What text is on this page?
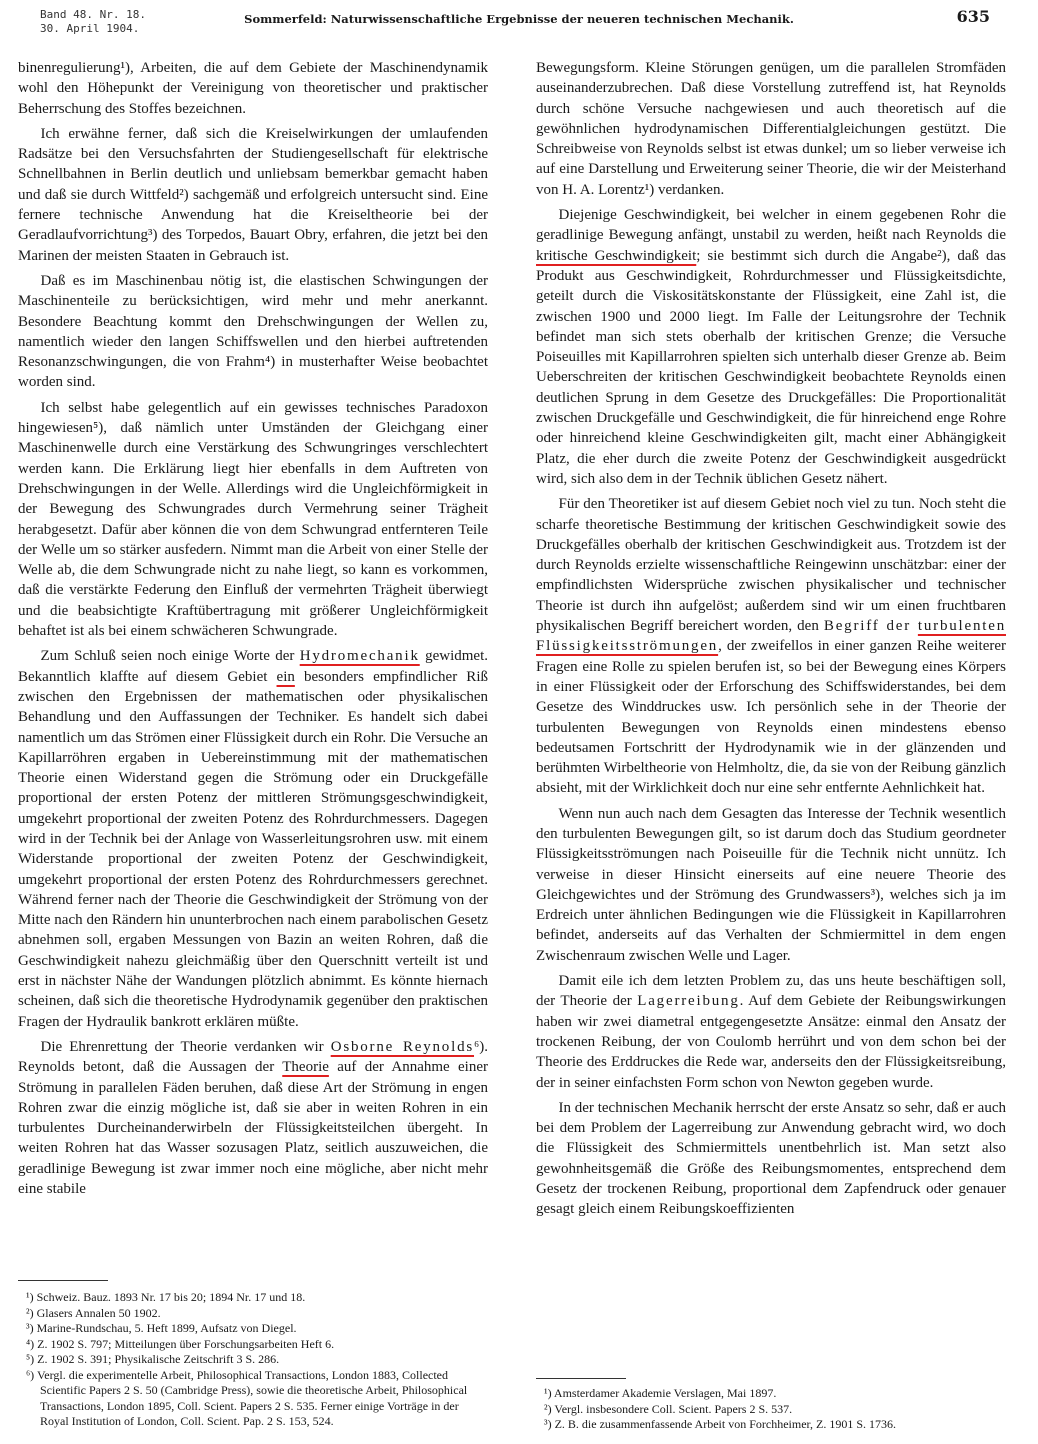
Band 48. Nr. 18.
30. April 1904.
Sommerfeld: Naturwissenschaftliche Ergebnisse der neueren technischen Mechanik.	635

binenregulierung¹), Arbeiten, die auf dem Gebiete der Maschinendynamik wohl den Höhepunkt der Vereinigung von theoretischer und praktischer Beherrschung des Stoffes bezeichnen.

Ich erwähne ferner, daß sich die Kreiselwirkungen der umlaufenden Radsätze bei den Versuchsfahrten der Studiengesellschaft für elektrische Schnellbahnen in Berlin deutlich und unliebsam bemerkbar gemacht haben und daß sie durch Wittfeld²) sachgemäß und erfolgreich untersucht sind. Eine fernere technische Anwendung hat die Kreiseltheorie bei der Geradlaufvorrichtung³) des Torpedos, Bauart Obry, erfahren, die jetzt bei den Marinen der meisten Staaten in Gebrauch ist.

Daß es im Maschinenbau nötig ist, die elastischen Schwingungen der Maschinenteile zu berücksichtigen, wird mehr und mehr anerkannt. Besondere Beachtung kommt den Drehschwingungen der Wellen zu, namentlich wieder den langen Schiffswellen und den hierbei auftretenden Resonanzschwingungen, die von Frahm⁴) in musterhafter Weise beobachtet worden sind.

Ich selbst habe gelegentlich auf ein gewisses technisches Paradoxon hingewiesen⁵), daß nämlich unter Umständen der Gleichgang einer Maschinenwelle durch eine Verstärkung des Schwungringes verschlechtert werden kann. Die Erklärung liegt hier ebenfalls in dem Auftreten von Drehschwingungen in der Welle. Allerdings wird die Ungleichförmigkeit in der Bewegung des Schwungrades durch Vermehrung seiner Trägheit herabgesetzt. Dafür aber können die von dem Schwungrad entfernteren Teile der Welle um so stärker ausfedern. Nimmt man die Arbeit von einer Stelle der Welle ab, die dem Schwungrade nicht zu nahe liegt, so kann es vorkommen, daß die verstärkte Federung den Einfluß der vermehrten Trägheit überwiegt und die beabsichtigte Kraftübertragung mit größerer Ungleichförmigkeit behaftet ist als bei einem schwächeren Schwungrade.

Zum Schluß seien noch einige Worte der Hydromechanik gewidmet. Bekanntlich klaffte auf diesem Gebiet ein besonders empfindlicher Riß zwischen den Ergebnissen der mathematischen oder physikalischen Behandlung und den Auffassungen der Techniker. Es handelt sich dabei namentlich um das Strömen einer Flüssigkeit durch ein Rohr. Die Versuche an Kapillarröhren ergaben in Uebereinstimmung mit der mathematischen Theorie einen Widerstand gegen die Strömung oder ein Druckgefälle proportional der ersten Potenz der mittleren Strömungsgeschwindigkeit, umgekehrt proportional der zweiten Potenz des Rohrdurchmessers. Dagegen wird in der Technik bei der Anlage von Wasserleitungsrohren usw. mit einem Widerstande proportional der zweiten Potenz der Geschwindigkeit, umgekehrt proportional der ersten Potenz des Rohrdurchmessers gerechnet. Während ferner nach der Theorie die Geschwindigkeit der Strömung von der Mitte nach den Rändern hin ununterbrochen nach einem parabolischen Gesetz abnehmen soll, ergaben Messungen von Bazin an weiten Rohren, daß die Geschwindigkeit nahezu gleichmäßig über den Querschnitt verteilt ist und erst in nächster Nähe der Wandungen plötzlich abnimmt. Es könnte hiernach scheinen, daß sich die theoretische Hydrodynamik gegenüber den praktischen Fragen der Hydraulik bankrott erklären müßte.

Die Ehrenrettung der Theorie verdanken wir Osborne Reynolds⁶). Reynolds betont, daß die Aussagen der Theorie auf der Annahme einer Strömung in parallelen Fäden beruhen, daß diese Art der Strömung in engen Rohren zwar die einzig mögliche ist, daß sie aber in weiten Rohren in ein turbulentes Durcheinanderwirbeln der Flüssigkeitsteilchen übergeht. In weiten Rohren hat das Wasser sozusagen Platz, seitlich auszuweichen, die geradlinige Bewegung ist zwar immer noch eine mögliche, aber nicht mehr eine stabile

Bewegungsform. Kleine Störungen genügen, um die parallelen Stromfäden auseinanderzubrechen. Daß diese Vorstellung zutreffend ist, hat Reynolds durch schöne Versuche nachgewiesen und auch theoretisch auf die gewöhnlichen hydrodynamischen Differentialgleichungen gestützt. Die Schreibweise von Reynolds selbst ist etwas dunkel; um so lieber verweise ich auf eine Darstellung und Erweiterung seiner Theorie, die wir der Meisterhand von H. A. Lorentz¹) verdanken.

Diejenige Geschwindigkeit, bei welcher in einem gegebenen Rohr die geradlinige Bewegung anfängt, unstabil zu werden, heißt nach Reynolds die kritische Geschwindigkeit; sie bestimmt sich durch die Angabe²), daß das Produkt aus Geschwindigkeit, Rohrdurchmesser und Flüssigkeitsdichte, geteilt durch die Viskositätskonstante der Flüssigkeit, eine Zahl ist, die zwischen 1900 und 2000 liegt. Im Falle der Leitungsrohre der Technik befindet man sich stets oberhalb der kritischen Grenze; die Versuche Poiseuilles mit Kapillarrohren spielten sich unterhalb dieser Grenze ab. Beim Ueberschreiten der kritischen Geschwindigkeit beobachtete Reynolds einen deutlichen Sprung in dem Gesetze des Druckgefälles: Die Proportionalität zwischen Druckgefälle und Geschwindigkeit, die für hinreichend enge Rohre oder hinreichend kleine Geschwindigkeiten gilt, macht einer Abhängigkeit Platz, die eher durch die zweite Potenz der Geschwindigkeit ausgedrückt wird, sich also dem in der Technik üblichen Gesetz nähert.

Für den Theoretiker ist auf diesem Gebiet noch viel zu tun. Noch steht die scharfe theoretische Bestimmung der kritischen Geschwindigkeit sowie des Druckgefälles oberhalb der kritischen Geschwindigkeit aus. Trotzdem ist der durch Reynolds erzielte wissenschaftliche Reingewinn unschätzbar: einer der empfindlichsten Widersprüche zwischen physikalischer und technischer Theorie ist durch ihn aufgelöst; außerdem sind wir um einen fruchtbaren physikalischen Begriff bereichert worden, den Begriff der turbulenten Flüssigkeitsströmungen, der zweifellos in einer ganzen Reihe weiterer Fragen eine Rolle zu spielen berufen ist, so bei der Bewegung eines Körpers in einer Flüssigkeit oder der Erforschung des Schiffswiderstandes, bei dem Gesetze des Winddruckes usw. Ich persönlich sehe in der Theorie der turbulenten Bewegungen von Reynolds einen mindestens ebenso bedeutsamen Fortschritt der Hydrodynamik wie in der glänzenden und berühmten Wirbeltheorie von Helmholtz, die, da sie von der Reibung gänzlich absieht, mit der Wirklichkeit doch nur eine sehr entfernte Aehnlichkeit hat.

Wenn nun auch nach dem Gesagten das Interesse der Technik wesentlich den turbulenten Bewegungen gilt, so ist darum doch das Studium geordneter Flüssigkeitsströmungen nach Poiseuille für die Technik nicht unnütz. Ich verweise in dieser Hinsicht einerseits auf eine neuere Theorie des Gleichgewichtes und der Strömung des Grundwassers³), welches sich ja im Erdreich unter ähnlichen Bedingungen wie die Flüssigkeit in Kapillarrohren befindet, anderseits auf das Verhalten der Schmiermittel in dem engen Zwischenraum zwischen Welle und Lager.

Damit eile ich dem letzten Problem zu, das uns heute beschäftigen soll, der Theorie der Lagerreibung. Auf dem Gebiete der Reibungswirkungen haben wir zwei diametral entgegengesetzte Ansätze: einmal den Ansatz der trockenen Reibung, der von Coulomb herrührt und von dem schon bei der Theorie des Erddruckes die Rede war, anderseits den der Flüssigkeitsreibung, der in seiner einfachsten Form schon von Newton gegeben wurde.

In der technischen Mechanik herrscht der erste Ansatz so sehr, daß er auch bei dem Problem der Lagerreibung zur Anwendung gebracht wird, wo doch die Flüssigkeit des Schmiermittels unentbehrlich ist. Man setzt also gewohnheitsgemäß die Größe des Reibungsmomentes, entsprechend dem Gesetz der trockenen Reibung, proportional dem Zapfendruck oder genauer gesagt gleich einem Reibungskoeffizienten

¹) Schweiz. Bauz. 1893 Nr. 17 bis 20; 1894 Nr. 17 und 18.
²) Glasers Annalen 50 1902.
³) Marine-Rundschau, 5. Heft 1899, Aufsatz von Diegel.
⁴) Z. 1902 S. 797; Mitteilungen über Forschungsarbeiten Heft 6.
⁵) Z. 1902 S. 391; Physikalische Zeitschrift 3 S. 286.
⁶) Vergl. die experimentelle Arbeit, Philosophical Transactions, London 1883, Collected Scientific Papers 2 S. 50 (Cambridge Press), sowie die theoretische Arbeit, Philosophical Transactions, London 1895, Coll. Scient. Papers 2 S. 535. Ferner einige Vorträge in der Royal Institution of London, Coll. Scient. Pap. 2 S. 153, 524.
¹) Amsterdamer Akademie Verslagen, Mai 1897.
²) Vergl. insbesondere Coll. Scient. Papers 2 S. 537.
³) Z. B. die zusammenfassende Arbeit von Forchheimer, Z. 1901 S. 1736.
